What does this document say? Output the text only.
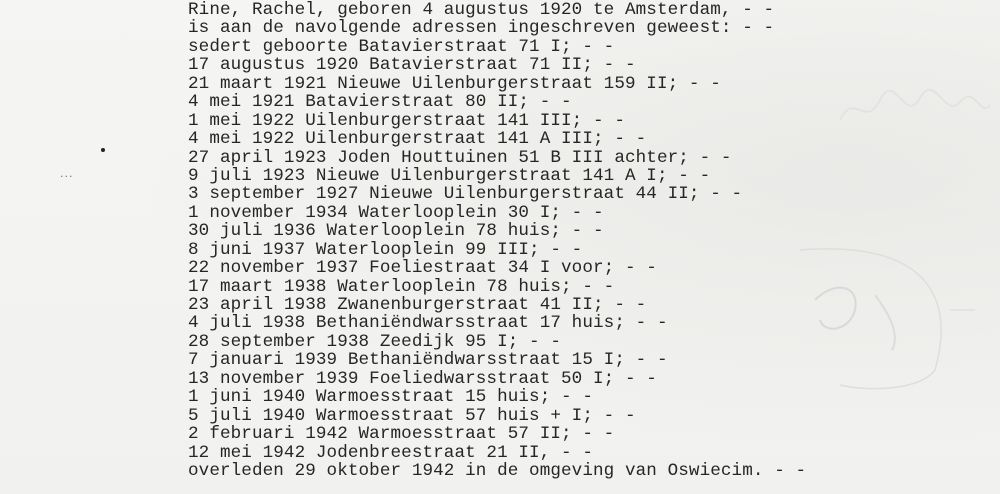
···
Rine, Rachel, geboren 4 augustus 1920 te Amsterdam, - -
is aan de navolgende adressen ingeschreven geweest: - -
sedert geboorte Batavierstraat 71 I; - -
17 augustus 1920 Batavierstraat 71 II; - -
21 maart 1921 Nieuwe Uilenburgerstraat 159 II; - -
4 mei 1921 Batavierstraat 80 II; - -
1 mei 1922 Uilenburgerstraat 141 III; - -
4 mei 1922 Uilenburgerstraat 141 A III; - -
27 april 1923 Joden Houttuinen 51 B III achter; - -
9 juli 1923 Nieuwe Uilenburgerstraat 141 A I; - -
3 september 1927 Nieuwe Uilenburgerstraat 44 II; - -
1 november 1934 Waterlooplein 30 I; - -
30 juli 1936 Waterlooplein 78 huis; - -
8 juni 1937 Waterlooplein 99 III; - -
22 november 1937 Foeliestraat 34 I voor; - -
17 maart 1938 Waterlooplein 78 huis; - -
23 april 1938 Zwanenburgerstraat 41 II; - -
4 juli 1938 Bethaniëndwarsstraat 17 huis; - -
28 september 1938 Zeedijk 95 I; - -
7 januari 1939 Bethaniëndwarsstraat 15 I; - -
13 november 1939 Foeliedwarsstraat 50 I; - -
1 juni 1940 Warmoesstraat 15 huis; - -
5 juli 1940 Warmoesstraat 57 huis + I; - -
2 februari 1942 Warmoesstraat 57 II; - -
12 mei 1942 Jodenbreestraat 21 II, - -
overleden 29 oktober 1942 in de omgeving van Oswiecim. - -
